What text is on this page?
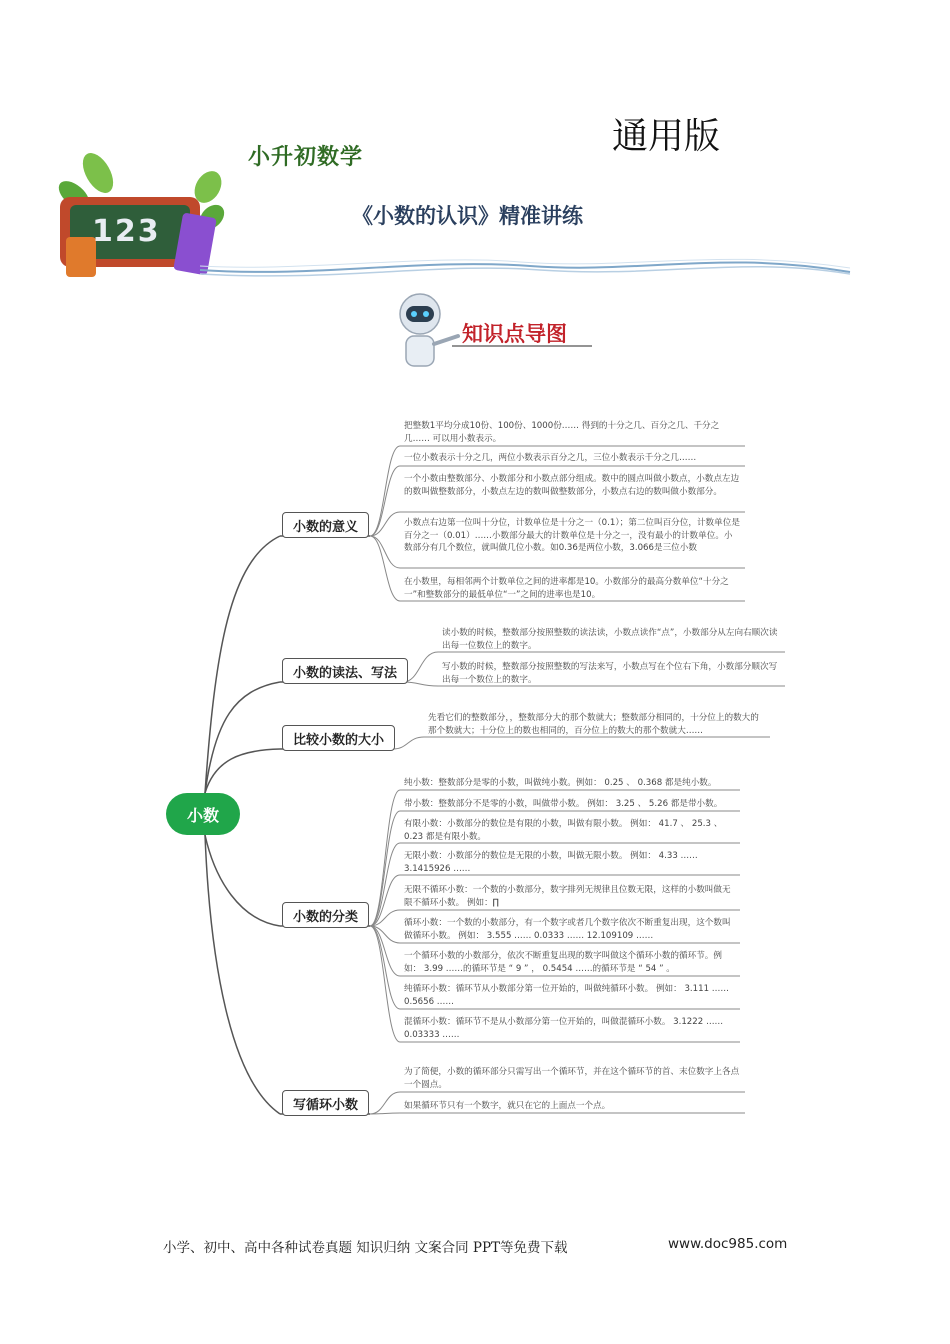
123
通用版
小升初数学
《小数的认识》精准讲练
知识点导图
小数
小数的意义
小数的读法、写法
比较小数的大小
小数的分类
写循环小数
把整数1平均分成10份、100份、1000份…… 得到的十分之几、百分之几、千分之几…… 可以用小数表示。
一位小数表示十分之几，两位小数表示百分之几，三位小数表示千分之几……
一个小数由整数部分、小数部分和小数点部分组成。数中的圆点叫做小数点，小数点左边的数叫做整数部分，小数点左边的数叫做整数部分，小数点右边的数叫做小数部分。
小数点右边第一位叫十分位，计数单位是十分之一（0.1）；第二位叫百分位，计数单位是百分之一（0.01）……小数部分最大的计数单位是十分之一，没有最小的计数单位。小数部分有几个数位，就叫做几位小数。如0.36是两位小数，3.066是三位小数
在小数里，每相邻两个计数单位之间的进率都是10。小数部分的最高分数单位“十分之一”和整数部分的最低单位“一”之间的进率也是10。
读小数的时候，整数部分按照整数的读法读，小数点读作“点”，小数部分从左向右顺次读出每一位数位上的数字。
写小数的时候，整数部分按照整数的写法来写，小数点写在个位右下角，小数部分顺次写出每一个数位上的数字。
先看它们的整数部分，，整数部分大的那个数就大；整数部分相同的，十分位上的数大的那个数就大；十分位上的数也相同的，百分位上的数大的那个数就大……
纯小数：整数部分是零的小数，叫做纯小数。例如： 0.25 、 0.368 都是纯小数。
带小数：整数部分不是零的小数，叫做带小数。 例如： 3.25 、 5.26 都是带小数。
有限小数：小数部分的数位是有限的小数，叫做有限小数。 例如： 41.7 、 25.3 、 0.23 都是有限小数。
无限小数：小数部分的数位是无限的小数，叫做无限小数。 例如： 4.33 …… 3.1415926 ……
无限不循环小数：一个数的小数部分，数字排列无规律且位数无限，这样的小数叫做无限不循环小数。 例如：∏
循环小数：一个数的小数部分，有一个数字或者几个数字依次不断重复出现，这个数叫做循环小数。 例如： 3.555 …… 0.0333 …… 12.109109 ……
一个循环小数的小数部分，依次不断重复出现的数字叫做这个循环小数的循环节。例如： 3.99 ……的循环节是 “ 9 ” ， 0.5454 ……的循环节是 “ 54 ” 。
纯循环小数：循环节从小数部分第一位开始的，叫做纯循环小数。 例如： 3.111 …… 0.5656 ……
混循环小数：循环节不是从小数部分第一位开始的，叫做混循环小数。 3.1222 …… 0.03333 ……
为了简便，小数的循环部分只需写出一个循环节，并在这个循环节的首、末位数字上各点一个圆点。
如果循环节只有一个数字，就只在它的上面点一个点。
小学、初中、高中各种试卷真题 知识归纳 文案合同 PPT等免费下载	www.doc985.com
